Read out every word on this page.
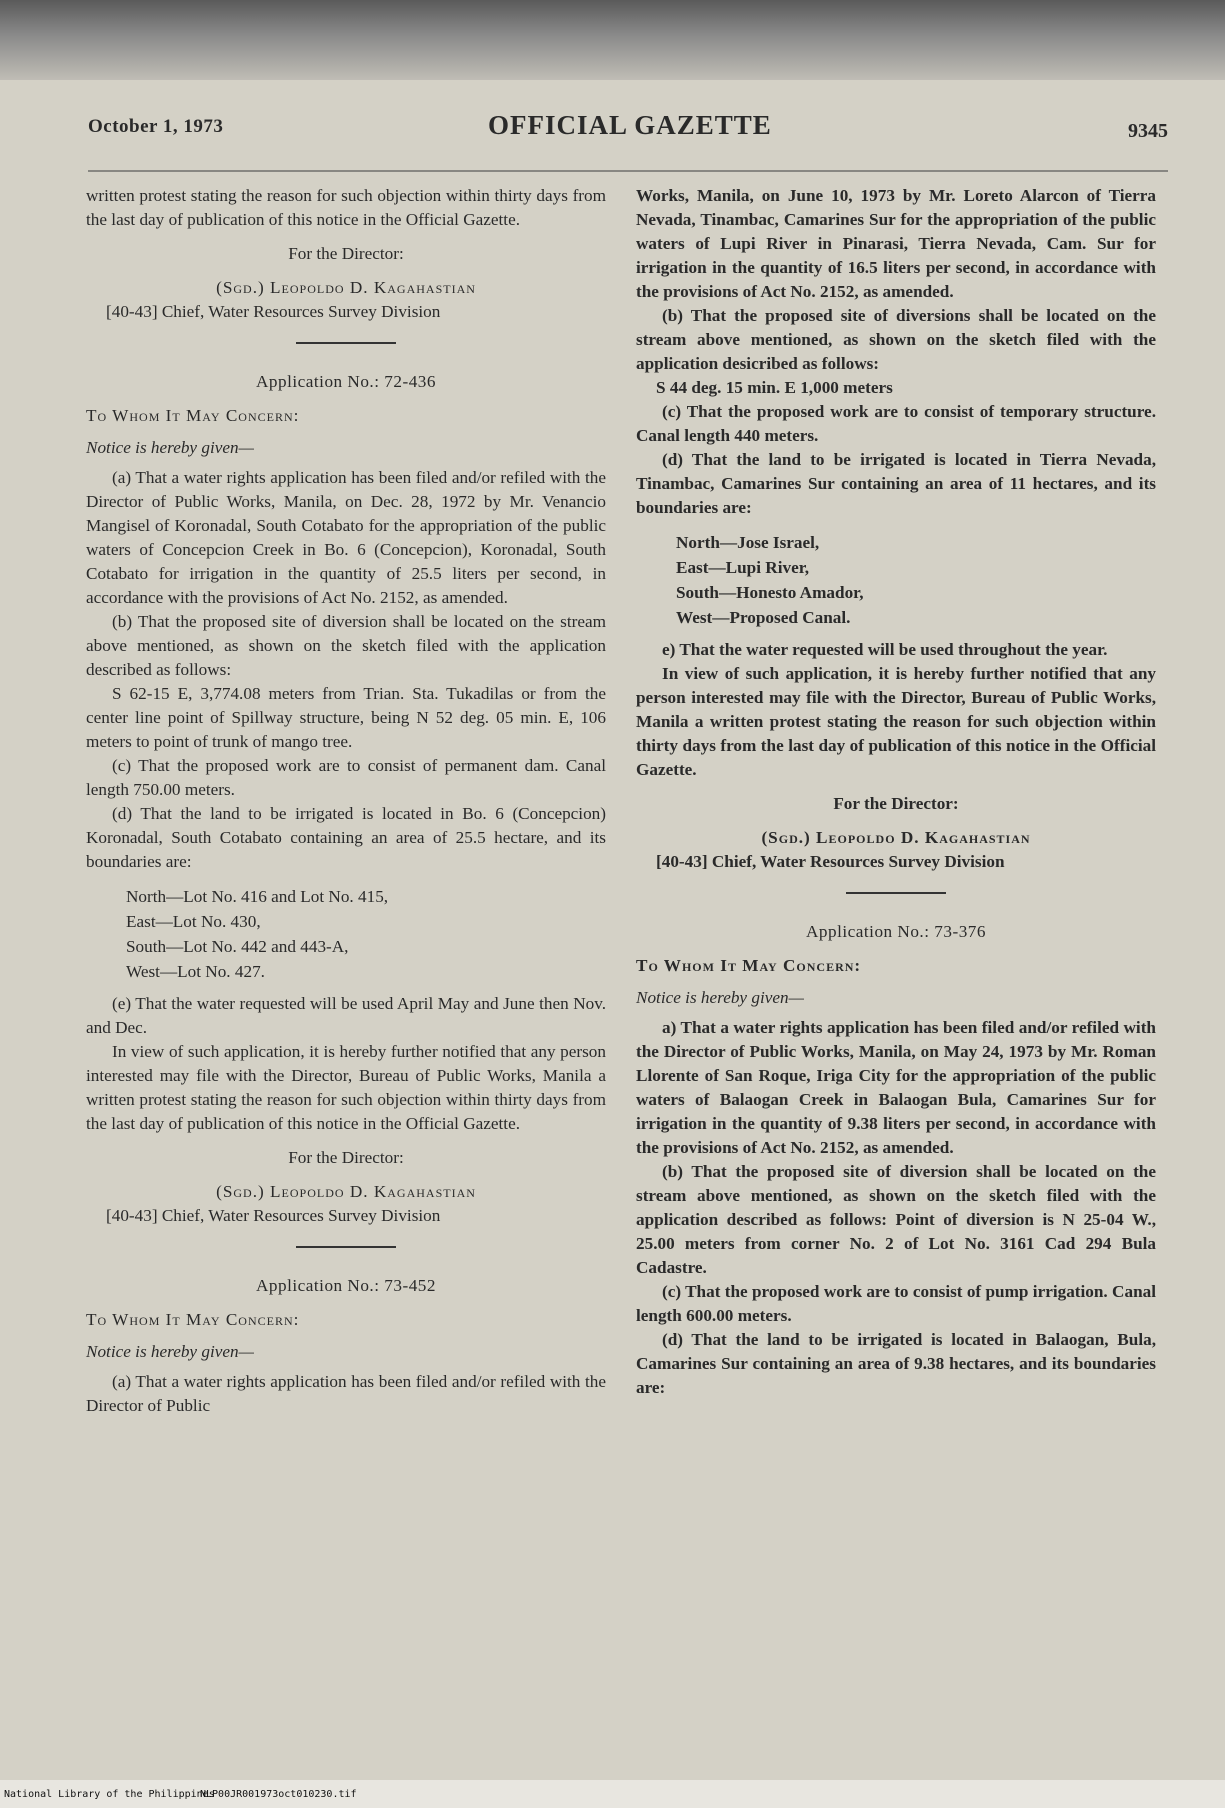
October 1, 1973	OFFICIAL GAZETTE	9345

written protest stating the reason for such objection within thirty days from the last day of publication of this notice in the Official Gazette.

For the Director:

(Sgd.) Leopoldo D. Kagahastian

[40-43] Chief, Water Resources Survey Division

Application No.: 72-436

To Whom It May Concern:

Notice is hereby given—

(a) That a water rights application has been filed and/or refiled with the Director of Public Works, Manila, on Dec. 28, 1972 by Mr. Venancio Mangisel of Koronadal, South Cotabato for the appropriation of the public waters of Concepcion Creek in Bo. 6 (Concepcion), Koronadal, South Cotabato for irrigation in the quantity of 25.5 liters per second, in accordance with the provisions of Act No. 2152, as amended.

(b) That the proposed site of diversion shall be located on the stream above mentioned, as shown on the sketch filed with the application described as follows:

S 62-15 E, 3,774.08 meters from Trian. Sta. Tukadilas or from the center line point of Spillway structure, being N 52 deg. 05 min. E, 106 meters to point of trunk of mango tree.

(c) That the proposed work are to consist of permanent dam. Canal length 750.00 meters.

(d) That the land to be irrigated is located in Bo. 6 (Concepcion) Koronadal, South Cotabato containing an area of 25.5 hectare, and its boundaries are:

North—Lot No. 416 and Lot No. 415,
East—Lot No. 430,
South—Lot No. 442 and 443-A,
West—Lot No. 427.

(e) That the water requested will be used April May and June then Nov. and Dec.

In view of such application, it is hereby further notified that any person interested may file with the Director, Bureau of Public Works, Manila a written protest stating the reason for such objection within thirty days from the last day of publication of this notice in the Official Gazette.

For the Director:

(Sgd.) Leopoldo D. Kagahastian

[40-43] Chief, Water Resources Survey Division

Application No.: 73-452

To Whom It May Concern:

Notice is hereby given—

(a) That a water rights application has been filed and/or refiled with the Director of Public

Works, Manila, on June 10, 1973 by Mr. Loreto Alarcon of Tierra Nevada, Tinambac, Camarines Sur for the appropriation of the public waters of Lupi River in Pinarasi, Tierra Nevada, Cam. Sur for irrigation in the quantity of 16.5 liters per second, in accordance with the provisions of Act No. 2152, as amended.

(b) That the proposed site of diversions shall be located on the stream above mentioned, as shown on the sketch filed with the application desicribed as follows:

S 44 deg. 15 min. E 1,000 meters

(c) That the proposed work are to consist of temporary structure. Canal length 440 meters.

(d) That the land to be irrigated is located in Tierra Nevada, Tinambac, Camarines Sur containing an area of 11 hectares, and its boundaries are:

North—Jose Israel,
East—Lupi River,
South—Honesto Amador,
West—Proposed Canal.

e) That the water requested will be used throughout the year.

In view of such application, it is hereby further notified that any person interested may file with the Director, Bureau of Public Works, Manila a written protest stating the reason for such objection within thirty days from the last day of publication of this notice in the Official Gazette.

For the Director:

(Sgd.) Leopoldo D. Kagahastian

[40-43] Chief, Water Resources Survey Division

Application No.: 73-376

To Whom It May Concern:

Notice is hereby given—

a) That a water rights application has been filed and/or refiled with the Director of Public Works, Manila, on May 24, 1973 by Mr. Roman Llorente of San Roque, Iriga City for the appropriation of the public waters of Balaogan Creek in Balaogan Bula, Camarines Sur for irrigation in the quantity of 9.38 liters per second, in accordance with the provisions of Act No. 2152, as amended.

(b) That the proposed site of diversion shall be located on the stream above mentioned, as shown on the sketch filed with the application described as follows: Point of diversion is N 25-04 W., 25.00 meters from corner No. 2 of Lot No. 3161 Cad 294 Bula Cadastre.

(c) That the proposed work are to consist of pump irrigation. Canal length 600.00 meters.

(d) That the land to be irrigated is located in Balaogan, Bula, Camarines Sur containing an area of 9.38 hectares, and its boundaries are:

National Library of the Philippines
NLP00JR001973oct010230.tif
